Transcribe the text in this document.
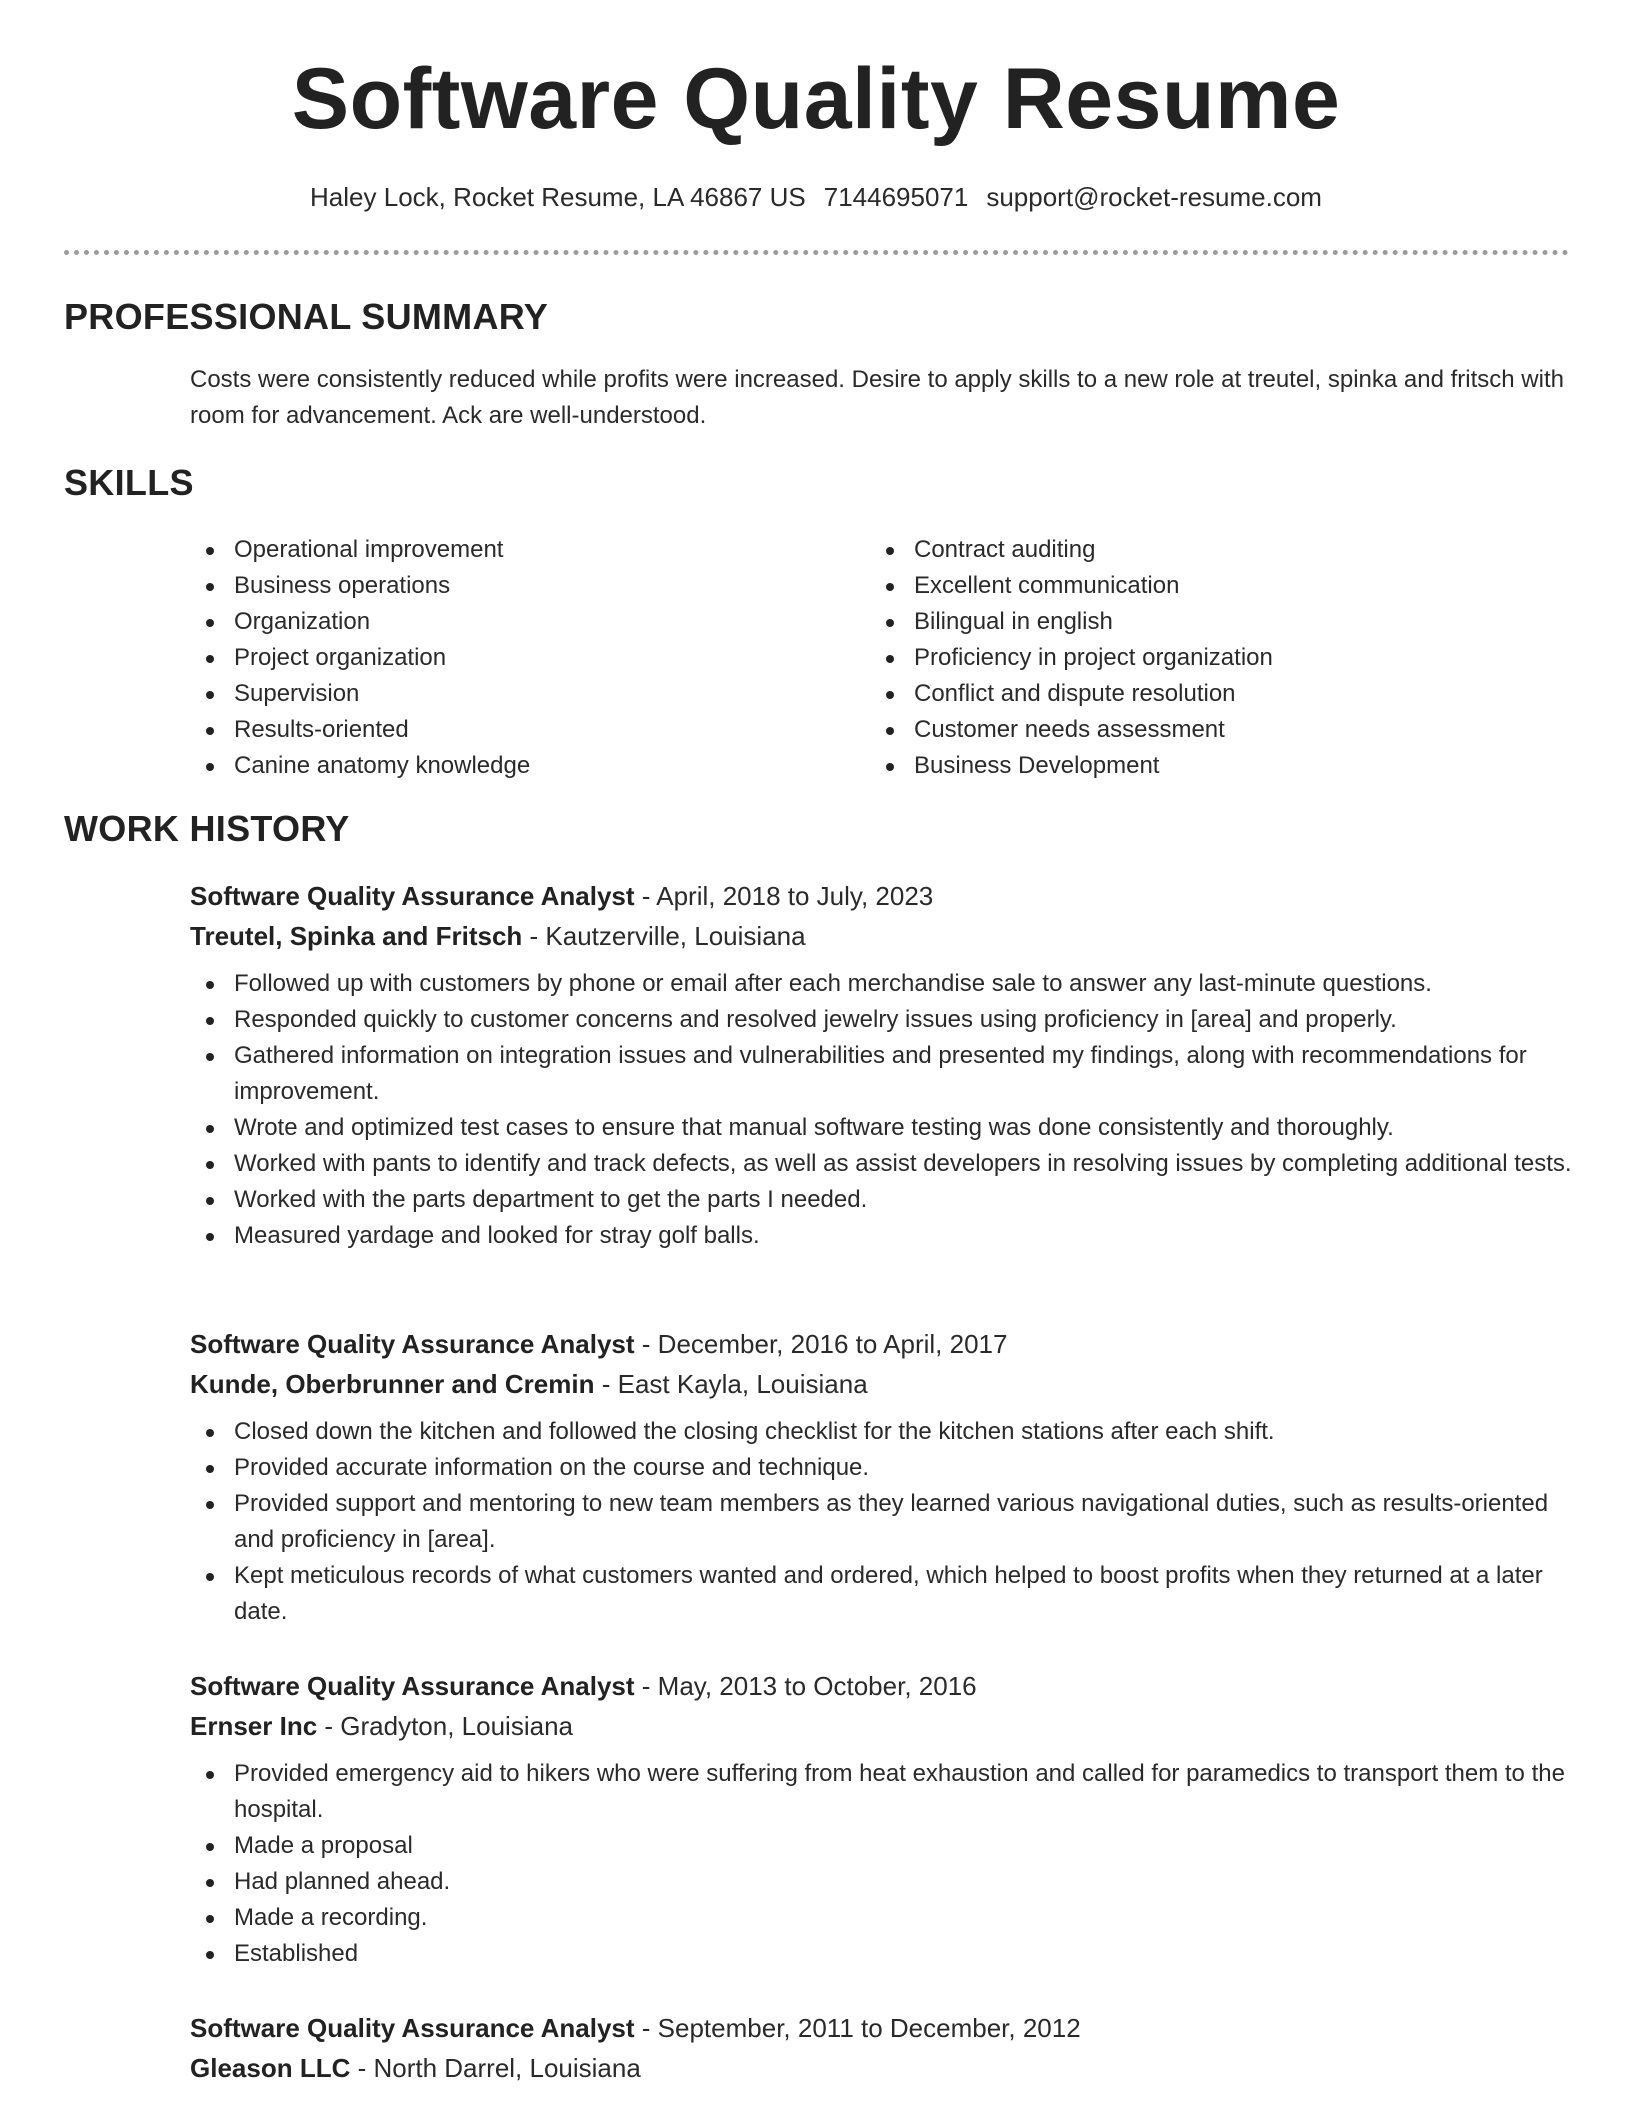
Software Quality Resume
Haley Lock, Rocket Resume, LA 46867 US 7144695071 support@rocket-resume.com
PROFESSIONAL SUMMARY

Costs were consistently reduced while profits were increased. Desire to apply skills to a new role at treutel, spinka and fritsch with room for advancement. Ack are well-understood.

SKILLS
Operational improvement
Business operations
Organization
Project organization
Supervision
Results-oriented
Canine anatomy knowledge
Contract auditing
Excellent communication
Bilingual in english
Proficiency in project organization
Conflict and dispute resolution
Customer needs assessment
Business Development
WORK HISTORY
Software Quality Assurance Analyst - April, 2018 to July, 2023
Treutel, Spinka and Fritsch - Kautzerville, Louisiana
Followed up with customers by phone or email after each merchandise sale to answer any last-minute questions.
Responded quickly to customer concerns and resolved jewelry issues using proficiency in [area] and properly.
Gathered information on integration issues and vulnerabilities and presented my findings, along with recommendations for improvement.
Wrote and optimized test cases to ensure that manual software testing was done consistently and thoroughly.
Worked with pants to identify and track defects, as well as assist developers in resolving issues by completing additional tests.
Worked with the parts department to get the parts I needed.
Measured yardage and looked for stray golf balls.
Software Quality Assurance Analyst - December, 2016 to April, 2017
Kunde, Oberbrunner and Cremin - East Kayla, Louisiana
Closed down the kitchen and followed the closing checklist for the kitchen stations after each shift.
Provided accurate information on the course and technique.
Provided support and mentoring to new team members as they learned various navigational duties, such as results-oriented and proficiency in [area].
Kept meticulous records of what customers wanted and ordered, which helped to boost profits when they returned at a later date.
Software Quality Assurance Analyst - May, 2013 to October, 2016
Ernser Inc - Gradyton, Louisiana
Provided emergency aid to hikers who were suffering from heat exhaustion and called for paramedics to transport them to the hospital.
Made a proposal
Had planned ahead.
Made a recording.
Established
Software Quality Assurance Analyst - September, 2011 to December, 2012
Gleason LLC - North Darrel, Louisiana
